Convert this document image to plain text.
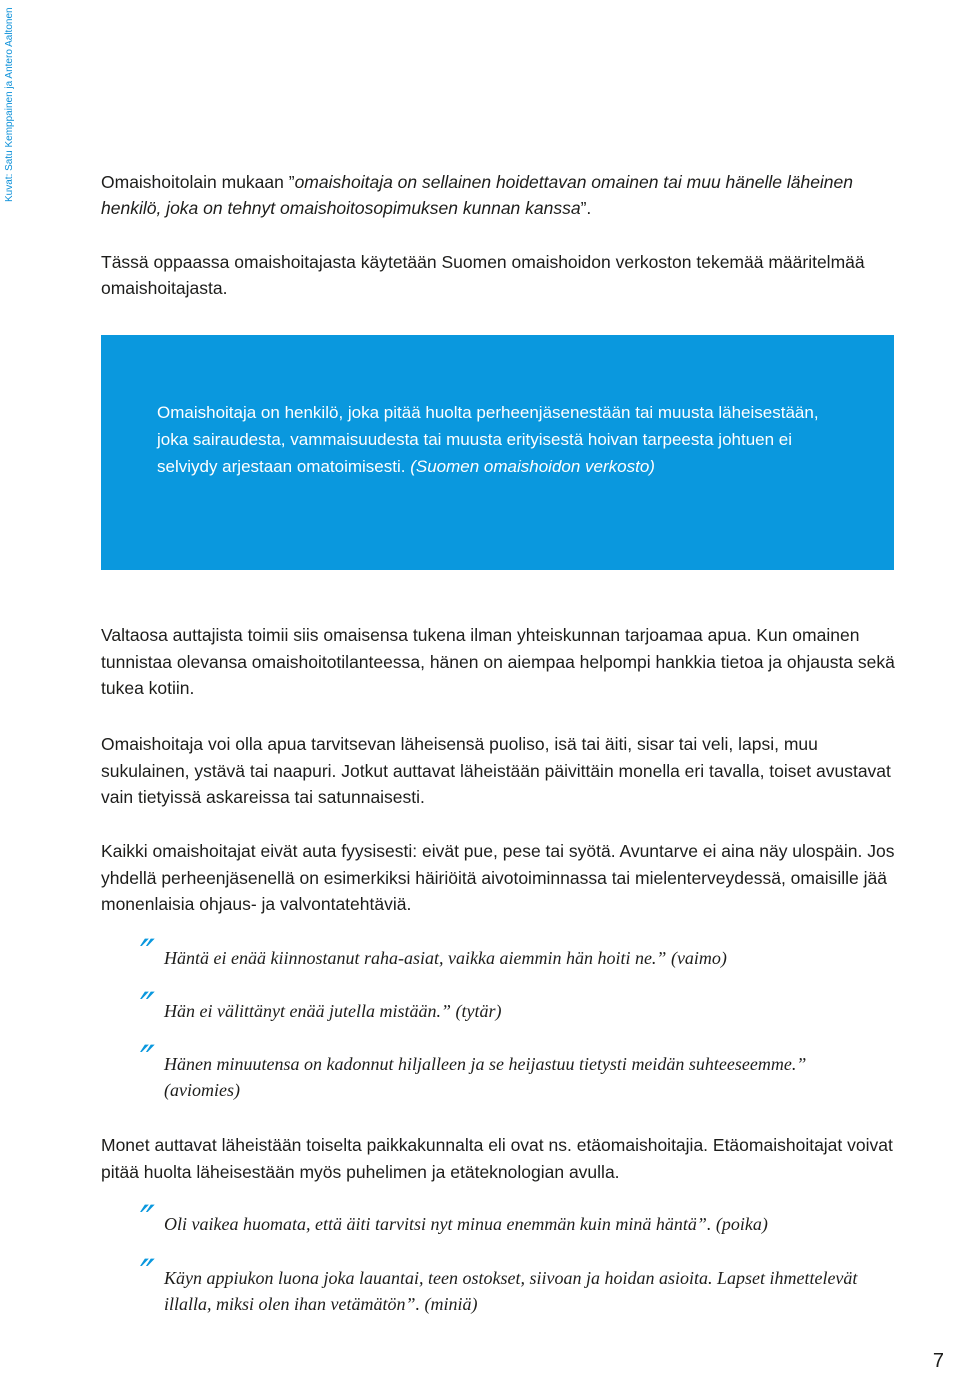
Kuvat: Satu Kemppainen ja Antero Aaltonen	Omaishoitolain mukaan ”omaishoitaja on sellainen hoidettavan omainen tai muu hänelle läheinen henkilö, joka on tehnyt omaishoitosopimuksen kunnan kanssa”.

Tässä oppaassa omaishoitajasta käytetään Suomen omaishoidon verkoston tekemää määritelmää omaishoitajasta.

Omaishoitaja on henkilö, joka pitää huolta perheenjäsenestään tai muusta läheisestään, joka sairaudesta, vammaisuudesta tai muusta erityisestä hoivan tarpeesta johtuen ei selviydy arjestaan omatoimisesti. (Suomen omaishoidon verkosto)

Valtaosa auttajista toimii siis omaisensa tukena ilman yhteiskunnan tarjoamaa apua. Kun omainen tunnistaa olevansa omaishoitotilanteessa, hänen on aiempaa helpompi hankkia tietoa ja ohjausta sekä tukea kotiin.

Omaishoitaja voi olla apua tarvitsevan läheisensä puoliso, isä tai äiti, sisar tai veli, lapsi, muu sukulainen, ystävä tai naapuri. Jotkut auttavat läheistään päivittäin monella eri tavalla, toiset avustavat vain tietyissä askareissa tai satunnaisesti.

Kaikki omaishoitajat eivät auta fyysisesti: eivät pue, pese tai syötä. Avuntarve ei aina näy ulospäin. Jos yhdellä perheenjäsenellä on esimerkiksi häiriöitä aivotoiminnassa tai mielenterveydessä, omaisille jää monenlaisia ohjaus- ja valvontatehtäviä.

″ Häntä ei enää kiinnostanut raha-asiat, vaikka aiemmin hän hoiti ne.” (vaimo)

″ Hän ei välittänyt enää jutella mistään.” (tytär)

″ Hänen minuutensa on kadonnut hiljalleen ja se heijastuu tietysti meidän suhteeseemme.” (aviomies)

Monet auttavat läheistään toiselta paikkakunnalta eli ovat ns. etäomaishoitajia. Etäomaishoitajat voivat pitää huolta läheisestään myös puhelimen ja etäteknologian avulla.

″ Oli vaikea huomata, että äiti tarvitsi nyt minua enemmän kuin minä häntä”. (poika)

″ Käyn appiukon luona joka lauantai, teen ostokset, siivoan ja hoidan asioita. Lapset ihmettelevät illalla, miksi olen ihan vetämätön”. (miniä)

7
